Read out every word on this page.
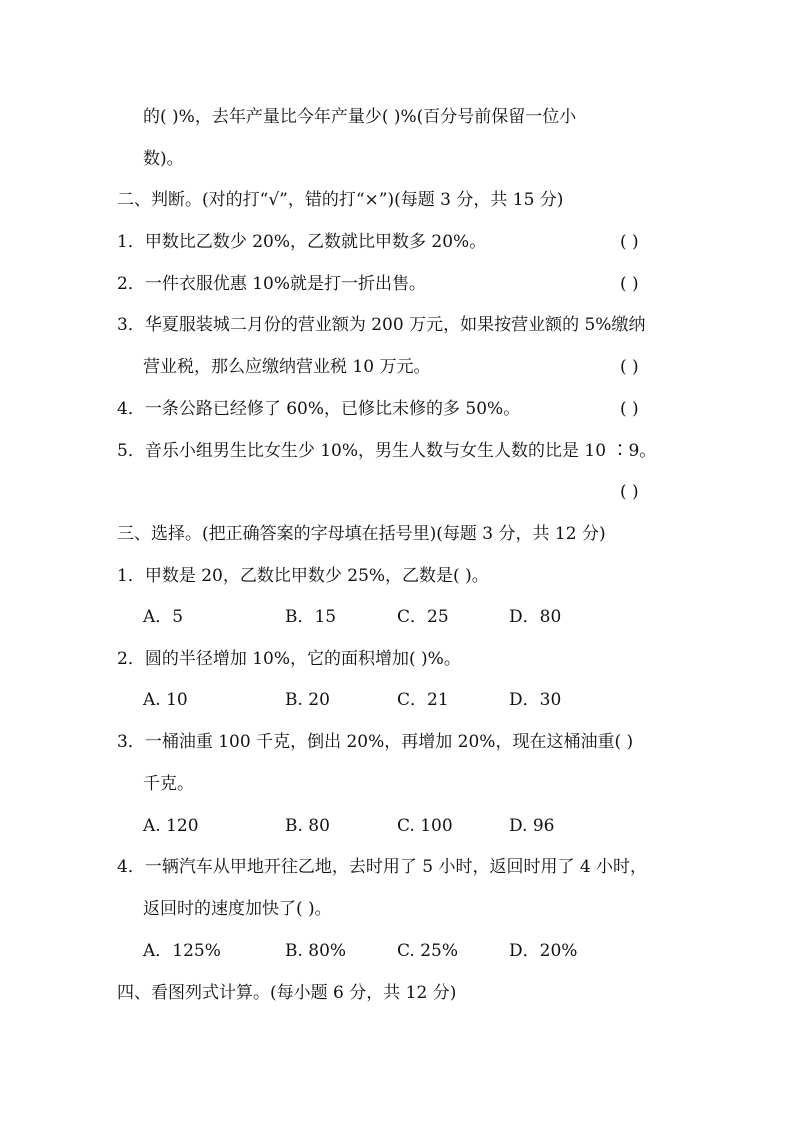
的( )%，去年产量比今年产量少( )%(百分号前保留一位小
数)。
二、判断。(对的打“√”，错的打“×”)(每题 3 分，共 15 分)
1．甲数比乙数少 20%，乙数就比甲数多 20%。	( )
2．一件衣服优惠 10%就是打一折出售。	( )
3．华夏服装城二月份的营业额为 200 万元，如果按营业额的 5%缴纳
营业税，那么应缴纳营业税 10 万元。	( )
4．一条公路已经修了 60%，已修比未修的多 50%。	( )
5．音乐小组男生比女生少 10%，男生人数与女生人数的比是 10 ∶9。
( )
三、选择。(把正确答案的字母填在括号里)(每题 3 分，共 12 分)
1．甲数是 20，乙数比甲数少 25%，乙数是( )。
A．5	B．15	C．25	D．80
2．圆的半径增加 10%，它的面积增加( )%。
A. 10	B. 20	C．21	D．30
3．一桶油重 100 千克，倒出 20%，再增加 20%，现在这桶油重( )
千克。
A. 120	B. 80	C. 100	D. 96
4．一辆汽车从甲地开往乙地，去时用了 5 小时，返回时用了 4 小时，
返回时的速度加快了( )。
A．125%	B. 80%	C. 25%	D．20%
四、看图列式计算。(每小题 6 分，共 12 分)
